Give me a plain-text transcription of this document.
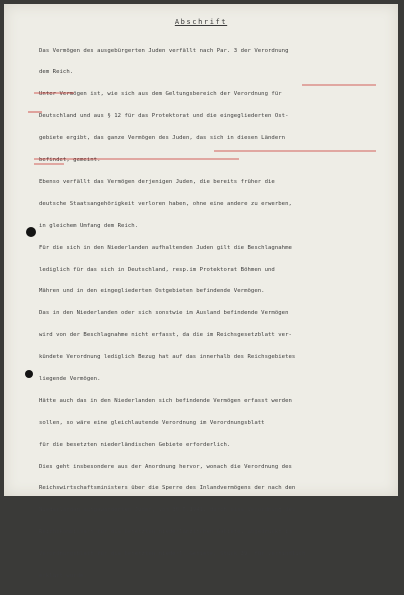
Abschrift

Das Vermögen des ausgebürgerten Juden verfällt nach Par. 3 der Verordnung

dem Reich.

Unter Vermögen ist, wie sich aus dem Geltungsbereich der Verordnung für

Deutschland und aus § 12 für das Protektorat und die eingegliederten Ost-

gebiete ergibt, das ganze Vermögen des Juden, das sich in diesen Ländern

befindet, gemeint.

Ebenso verfällt das Vermögen derjenigen Juden, die bereits früher die

deutsche Staatsangehörigkeit verloren haben, ohne eine andere zu erwerben,

in gleichem Umfang dem Reich.

Für die sich in den Niederlanden aufhaltenden Juden gilt die Beschlagnahme

lediglich für das sich in Deutschland, resp.im Protektorat Böhmen und

Mähren und in den eingegliederten Ostgebieten befindende Vermögen.

Das in den Niederlanden oder sich sonstwie im Ausland befindende Vermögen

wird von der Beschlagnahme nicht erfasst, da die im Reichsgesetzblatt ver-

kündete Verordnung lediglich Bezug hat auf das innerhalb des Reichsgebietes

liegende Vermögen.

Hätte auch das in den Niederlanden sich befindende Vermögen erfasst werden

sollen, so wäre eine gleichlautende Verordnung im Verordnungsblatt

für die besetzten niederländischen Gebiete erforderlich.

Dies geht insbesondere aus der Anordnung hervor, wonach die Verordnung des

Reichswirtschaftsministers über die Sperre des Inlandvermögens der nach den

Niederlanden ausgewanderten Juden, vom 30.6.1941, durch eine Verordnung des

Reichskommissars für die besetzten niederländischen Gebiete, abgedruckt im

Verordnungsblatt für die besetzten niederl. Gebiete, Stück 39, für verbindlich

erklärt wurde.
